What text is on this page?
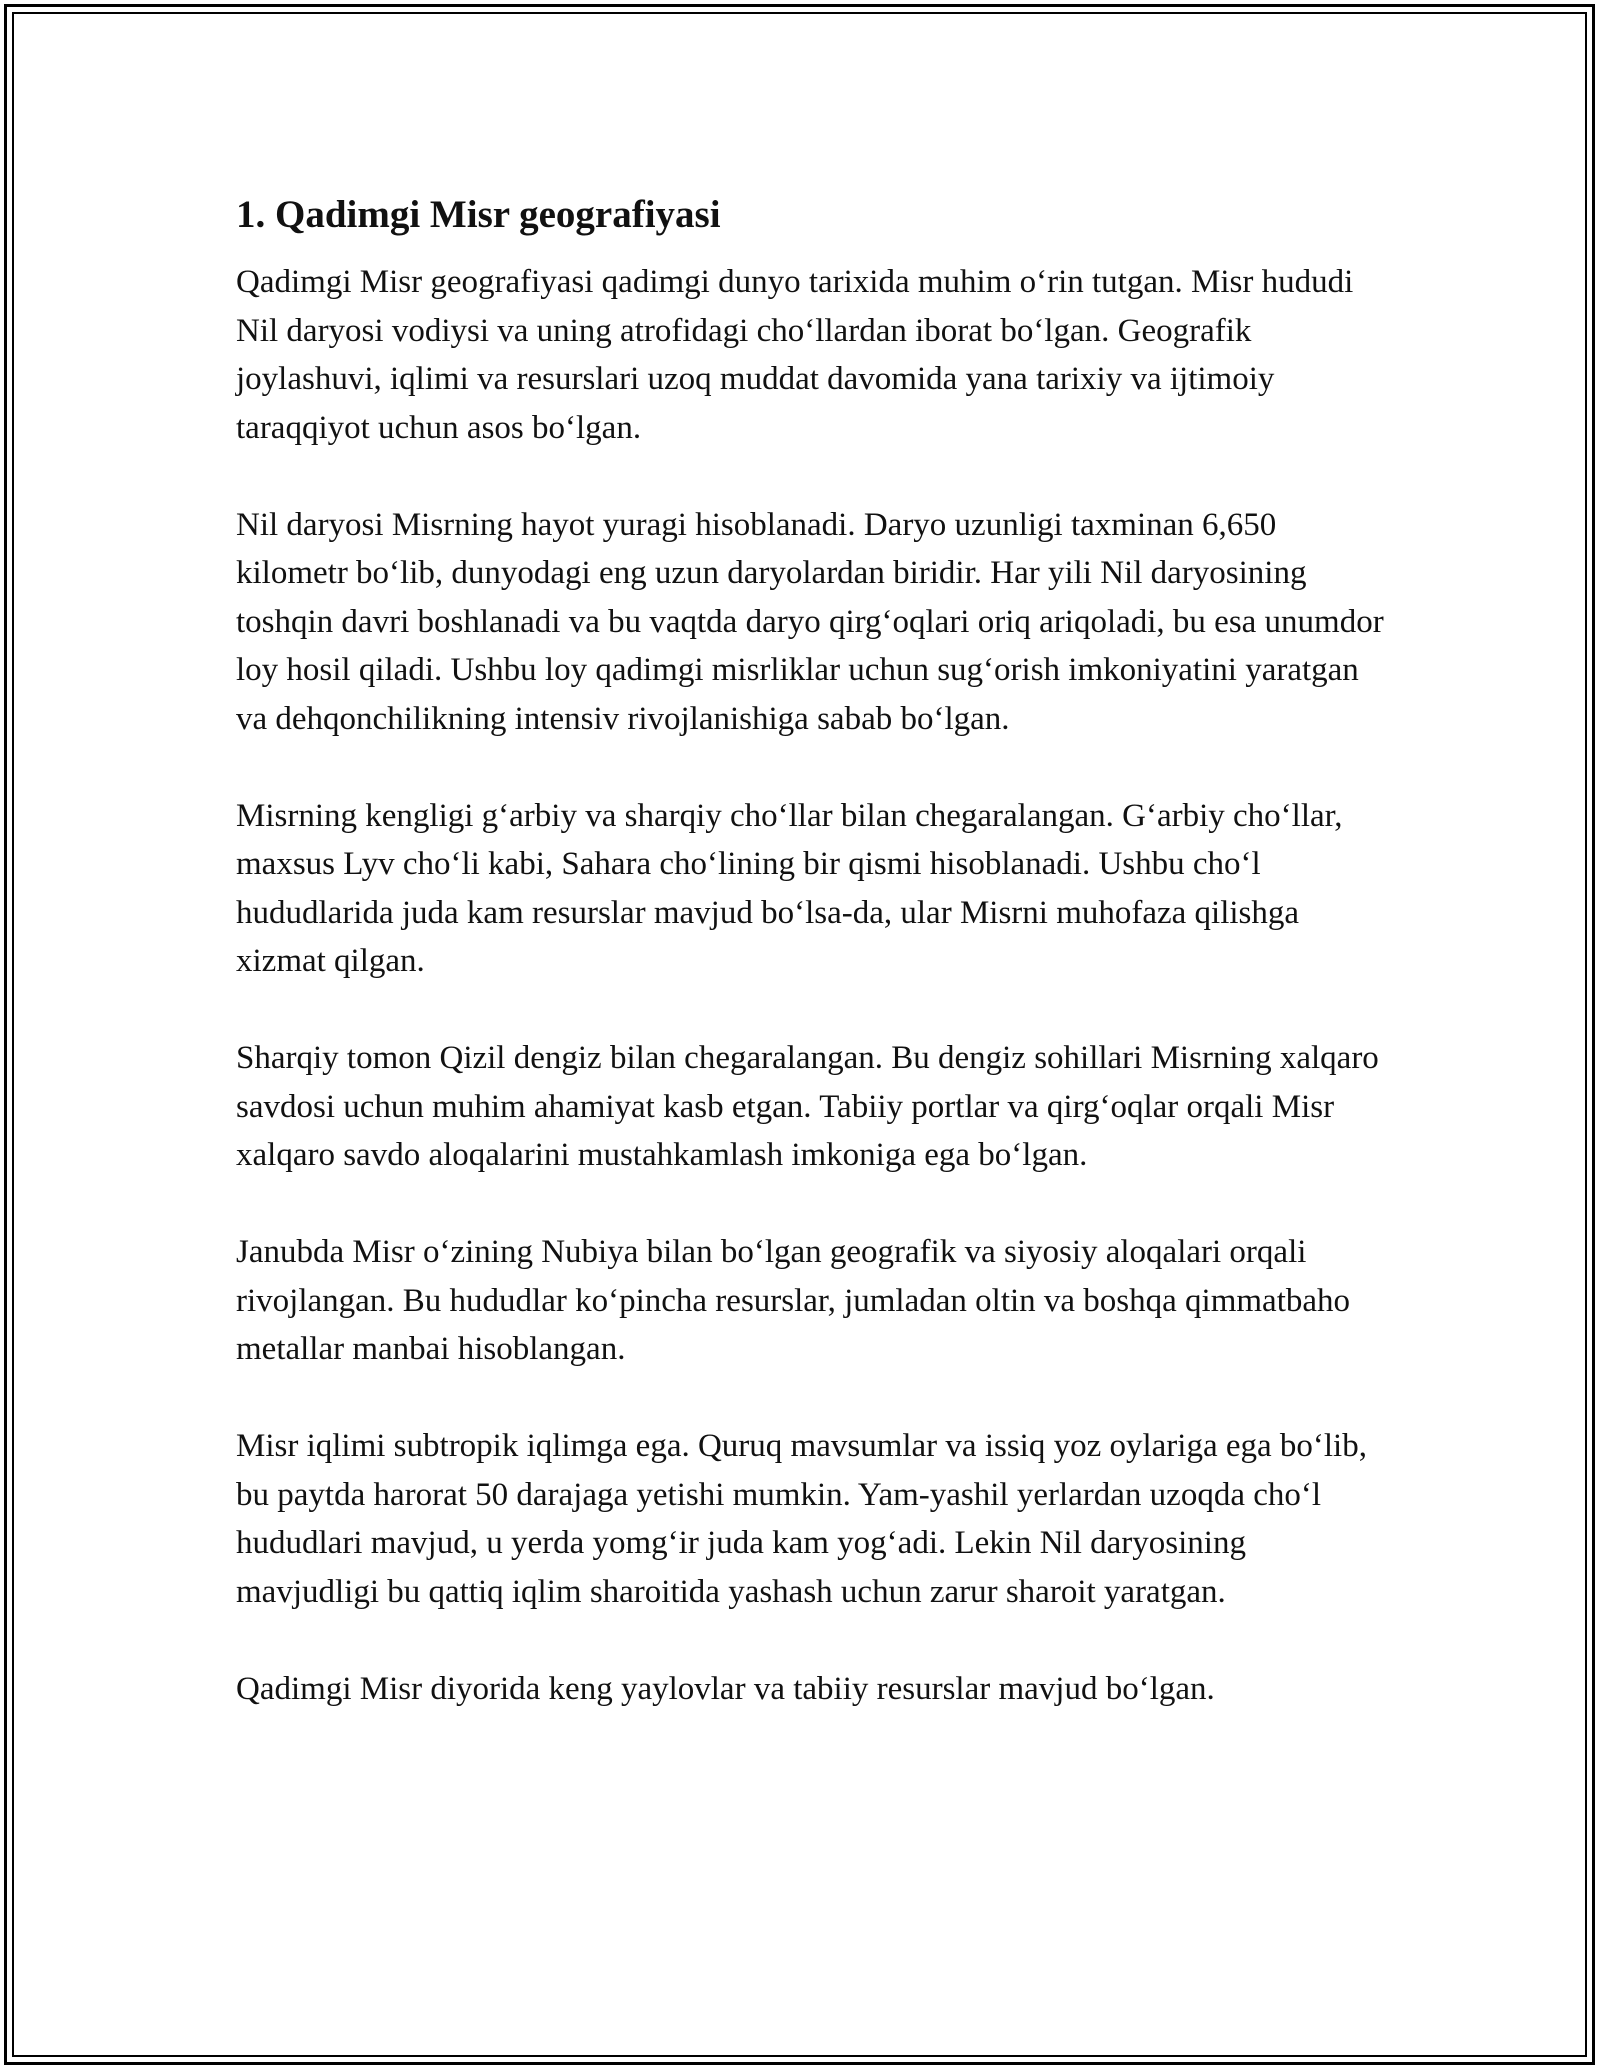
1. Qadimgi Misr geografiyasi

Qadimgi Misr geografiyasi qadimgi dunyo tarixida muhim oʻrin tutgan. Misr hududi Nil daryosi vodiysi va uning atrofidagi choʻllardan iborat boʻlgan. Geografik joylashuvi, iqlimi va resurslari uzoq muddat davomida yana tarixiy va ijtimoiy taraqqiyot uchun asos boʻlgan.

Nil daryosi Misrning hayot yuragi hisoblanadi. Daryo uzunligi taxminan 6,650 kilometr boʻlib, dunyodagi eng uzun daryolardan biridir. Har yili Nil daryosining toshqin davri boshlanadi va bu vaqtda daryo qirgʻoqlari oriq ariqoladi, bu esa unumdor loy hosil qiladi. Ushbu loy qadimgi misrliklar uchun sugʻorish imkoniyatini yaratgan va dehqonchilikning intensiv rivojlanishiga sabab boʻlgan.

Misrning kengligi gʻarbiy va sharqiy choʻllar bilan chegaralangan. Gʻarbiy choʻllar, maxsus Lyv choʻli kabi, Sahara choʻlining bir qismi hisoblanadi. Ushbu choʻl hududlarida juda kam resurslar mavjud boʻlsa-da, ular Misrni muhofaza qilishga xizmat qilgan.

Sharqiy tomon Qizil dengiz bilan chegaralangan. Bu dengiz sohillari Misrning xalqaro savdosi uchun muhim ahamiyat kasb etgan. Tabiiy portlar va qirgʻoqlar orqali Misr xalqaro savdo aloqalarini mustahkamlash imkoniga ega boʻlgan.

Janubda Misr oʻzining Nubiya bilan boʻlgan geografik va siyosiy aloqalari orqali rivojlangan. Bu hududlar koʻpincha resurslar, jumladan oltin va boshqa qimmatbaho metallar manbai hisoblangan.

Misr iqlimi subtropik iqlimga ega. Quruq mavsumlar va issiq yoz oylariga ega boʻlib, bu paytda harorat 50 darajaga yetishi mumkin. Yam-yashil yerlardan uzoqda choʻl hududlari mavjud, u yerda yomgʻir juda kam yogʻadi. Lekin Nil daryosining mavjudligi bu qattiq iqlim sharoitida yashash uchun zarur sharoit yaratgan.

Qadimgi Misr diyorida keng yaylovlar va tabiiy resurslar mavjud boʻlgan.
